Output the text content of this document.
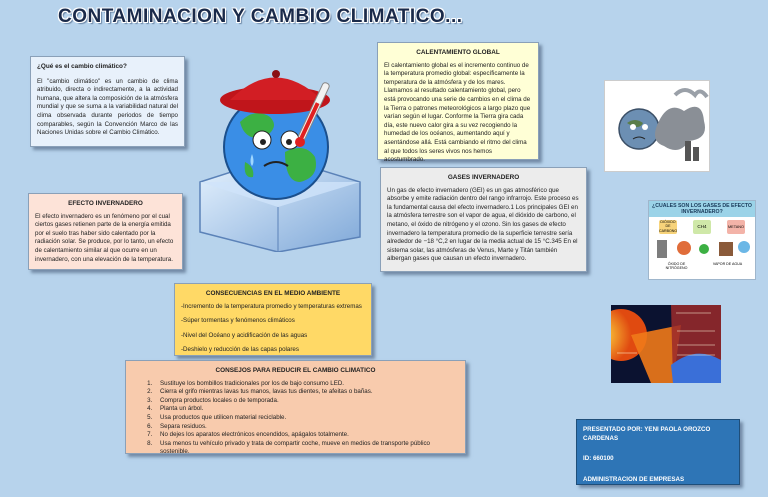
CONTAMINACION Y CAMBIO CLIMATICO...
¿Qué es el cambio climático?

El "cambio climático" es un cambio de clima atribuido, directa o indirectamente, a la actividad humana, que altera la composición de la atmósfera mundial y que se suma a la variabilidad natural del clima observada durante periodos de tiempo comparables, según la Convención Marco de las Naciones Unidas sobre el Cambio Climático.

EFECTO INVERNADERO

El efecto invernadero es un fenómeno por el cual ciertos gases retienen parte de la energía emitida por el suelo tras haber sido calentado por la radiación solar. Se produce, por lo tanto, un efecto de calentamiento similar al que ocurre en un invernadero, con una elevación de la temperatura.

CALENTAMIENTO GLOBAL

El calentamiento global es el incremento continuo de la temperatura promedio global: específicamente la temperatura de la atmósfera y de los mares. Llamamos al resultado calentamiento global, pero está provocando una serie de cambios en el clima de la Tierra o patrones meteorológicos a largo plazo que varían según el lugar. Conforme la Tierra gira cada día, este nuevo calor gira a su vez recogiendo la humedad de los océanos, aumentando aquí y asentándose allá. Está cambiando el ritmo del clima al que todos los seres vivos nos hemos acostumbrado.

GASES INVERNADERO

Un gas de efecto invernadero (GEI) es un gas atmosférico que absorbe y emite radiación dentro del rango infrarrojo. Este proceso es la fundamental causa del efecto invernadero.1 Los principales GEI en la atmósfera terrestre son el vapor de agua, el dióxido de carbono, el metano, el óxido de nitrógeno y el ozono. Sin los gases de efecto invernadero la temperatura promedio de la superficie terrestre sería alrededor de −18 °C,2 en lugar de la media actual de 15 °C.345 En el sistema solar, las atmósferas de Venus, Marte y Titán también albergan gases que causan un efecto invernadero.

¿CUALES SON LOS GASES DE EFECTO INVERNADERO?
DIÓXIDO DE CARBONO
CH4	METANO
ÓXIDO DE NITRÓGENO
VAPOR DE AGUA
CONSECUENCIAS EN EL MEDIO AMBIENTE

-Incremento de la temperatura promedio y temperaturas extremas

-Súper tormentas y fenómenos climáticos

-Nivel del Océano y acidificación de las aguas

-Deshielo y reducción de las capas polares

CONSEJOS PARA REDUCIR EL CAMBIO CLIMATICO
1. Sustituye los bombillos tradicionales por los de bajo consumo LED.
2. Cierra el grifo mientras lavas tus manos, lavas tus dientes, te afeitas o bañas.
3. Compra productos locales o de temporada.
4. Planta un árbol.
5. Usa productos que utilicen material reciclable.
6. Separa residuos.
7. No dejes los aparatos electrónicos encendidos, apágalos totalmente.
8. Usa menos tu vehículo privado y trata de compartir coche, mueve en medios de transporte público sostenible.

PRESENTADO POR: YENI PAOLA OROZCO CARDENAS

ID: 660100

ADMINISTRACION DE EMPRESAS
